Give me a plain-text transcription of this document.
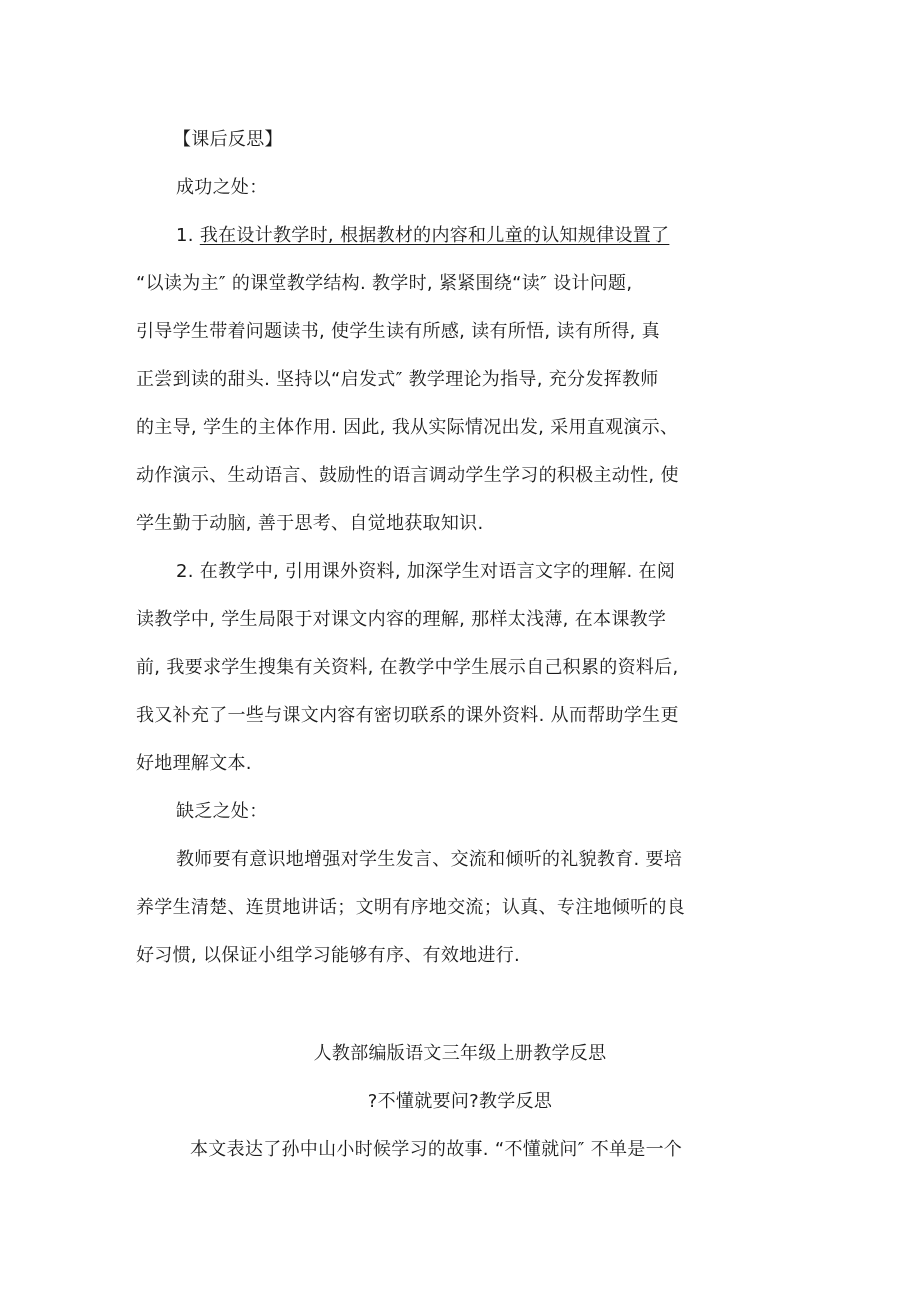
【课后反思】
成功之处：
1. 我在设计教学时, 根据教材的内容和儿童的认知规律设置了
“以读为主″ 的课堂教学结构. 教学时, 紧紧围绕“读″ 设计问题,
引导学生带着问题读书, 使学生读有所感, 读有所悟, 读有所得, 真
正尝到读的甜头. 坚持以“启发式″ 教学理论为指导, 充分发挥教师
的主导, 学生的主体作用. 因此, 我从实际情况出发, 采用直观演示、
动作演示、生动语言、鼓励性的语言调动学生学习的积极主动性, 使
学生勤于动脑, 善于思考、自觉地获取知识.
2. 在教学中, 引用课外资料, 加深学生对语言文字的理解. 在阅
读教学中, 学生局限于对课文内容的理解, 那样太浅薄, 在本课教学
前, 我要求学生搜集有关资料, 在教学中学生展示自己积累的资料后,
我又补充了一些与课文内容有密切联系的课外资料. 从而帮助学生更
好地理解文本.
缺乏之处：
教师要有意识地增强对学生发言、交流和倾听的礼貌教育. 要培
养学生清楚、连贯地讲话；文明有序地交流；认真、专注地倾听的良
好习惯, 以保证小组学习能够有序、有效地进行.
人教部编版语文三年级上册教学反思
?不懂就要问?教学反思
本文表达了孙中山小时候学习的故事. “不懂就问″ 不单是一个
